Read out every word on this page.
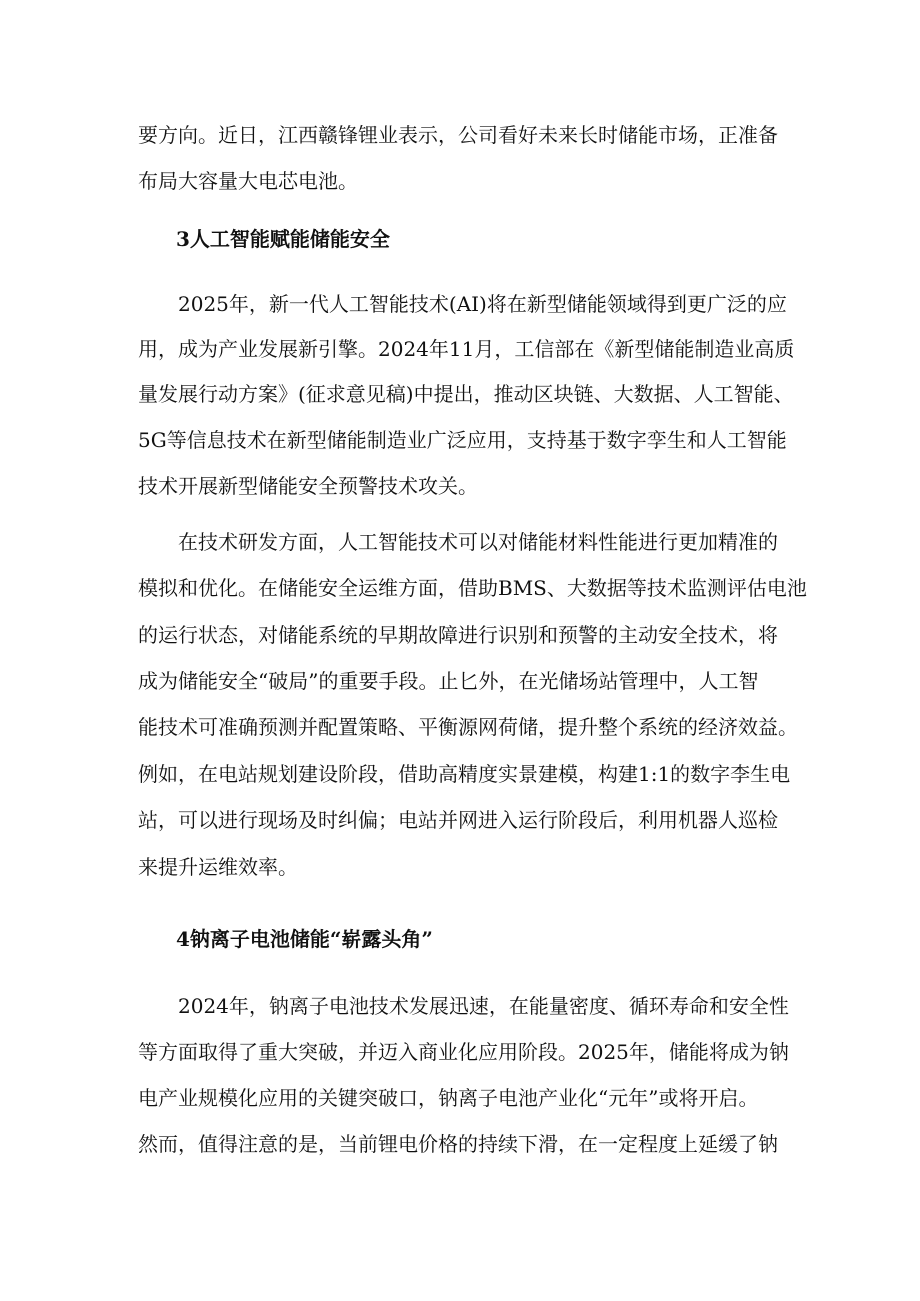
要方向。近日，江西赣锋锂业表示，公司看好未来长时储能市场，正准备
布局大容量大电芯电池。
3人工智能赋能储能安全
　　2025年，新一代人工智能技术(AI)将在新型储能领域得到更广泛的应
用，成为产业发展新引擎。2024年11月，工信部在《新型储能制造业高质
量发展行动方案》(征求意见稿)中提出，推动区块链、大数据、人工智能、
5G等信息技术在新型储能制造业广泛应用，支持基于数字孪生和人工智能
技术开展新型储能安全预警技术攻关。
　　在技术研发方面，人工智能技术可以对储能材料性能进行更加精准的
模拟和优化。在储能安全运维方面，借助BMS、大数据等技术监测评估电池
的运行状态，对储能系统的早期故障进行识别和预警的主动安全技术，将
成为储能安全“破局”的重要手段。止匕外，在光储场站管理中，人工智
能技术可准确预测并配置策略、平衡源网荷储，提升整个系统的经济效益。
例如，在电站规划建设阶段，借助高精度实景建模，构建1:1的数字李生电
站，可以进行现场及时纠偏；电站并网进入运行阶段后，利用机器人巡检
来提升运维效率。
4钠离子电池储能“崭露头角”
　　2024年，钠离子电池技术发展迅速，在能量密度、循环寿命和安全性
等方面取得了重大突破，并迈入商业化应用阶段。2025年，储能将成为钠
电产业规模化应用的关键突破口，钠离子电池产业化“元年”或将开启。
然而，值得注意的是，当前锂电价格的持续下滑，在一定程度上延缓了钠
